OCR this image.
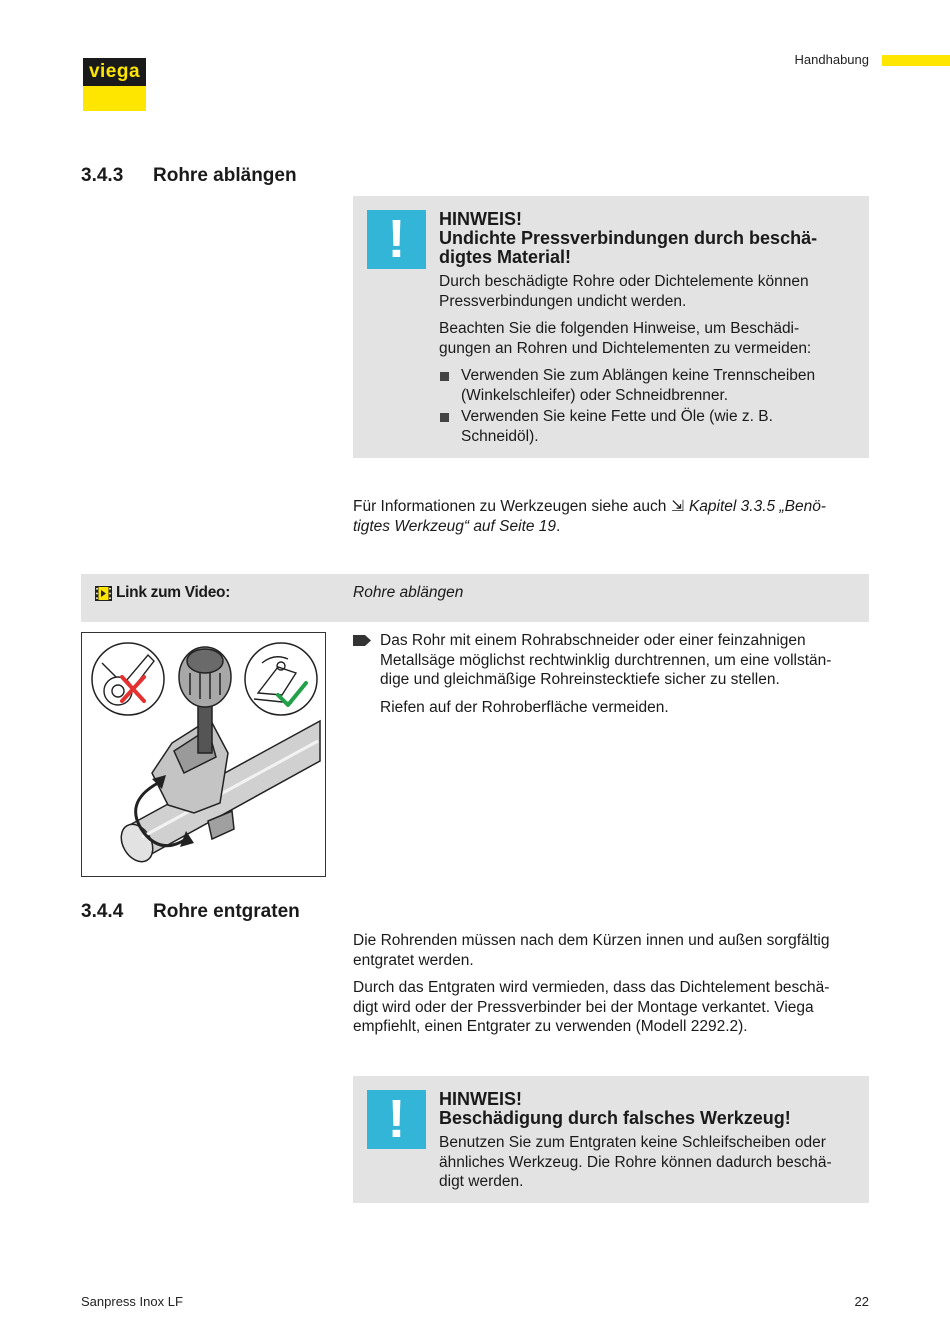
viega
Handhabung
3.4.3 Rohre ablängen
!	HINWEIS!
Undichte Pressverbindungen durch beschä-
digtes Material!
Durch beschädigte Rohre oder Dichtelemente können
Pressverbindungen undicht werden.
Beachten Sie die folgenden Hinweise, um Beschädi-
gungen an Rohren und Dichtelementen zu vermeiden:
Verwenden Sie zum Ablängen keine Trennscheiben
(Winkelschleifer) oder Schneidbrenner.
Verwenden Sie keine Fette und Öle (wie z. B.
Schneidöl).
Für Informationen zu Werkzeugen siehe auch ⇲ Kapitel 3.3.5 „Benö-
tigtes Werkzeug“ auf Seite 19.
Link zum Video:	Rohre ablängen
Das Rohr mit einem Rohrabschneider oder einer feinzahnigen
Metallsäge möglichst rechtwinklig durchtrennen, um eine vollstän-
dige und gleichmäßige Rohreinstecktiefe sicher zu stellen.
Riefen auf der Rohroberfläche vermeiden.
3.4.4 Rohre entgraten
Die Rohrenden müssen nach dem Kürzen innen und außen sorgfältig
entgratet werden.
Durch das Entgraten wird vermieden, dass das Dichtelement beschä-
digt wird oder der Pressverbinder bei der Montage verkantet. Viega
empfiehlt, einen Entgrater zu verwenden (Modell 2292.2).
!	HINWEIS!
Beschädigung durch falsches Werkzeug!
Benutzen Sie zum Entgraten keine Schleifscheiben oder
ähnliches Werkzeug. Die Rohre können dadurch beschä-
digt werden.
Sanpress Inox LF	22
